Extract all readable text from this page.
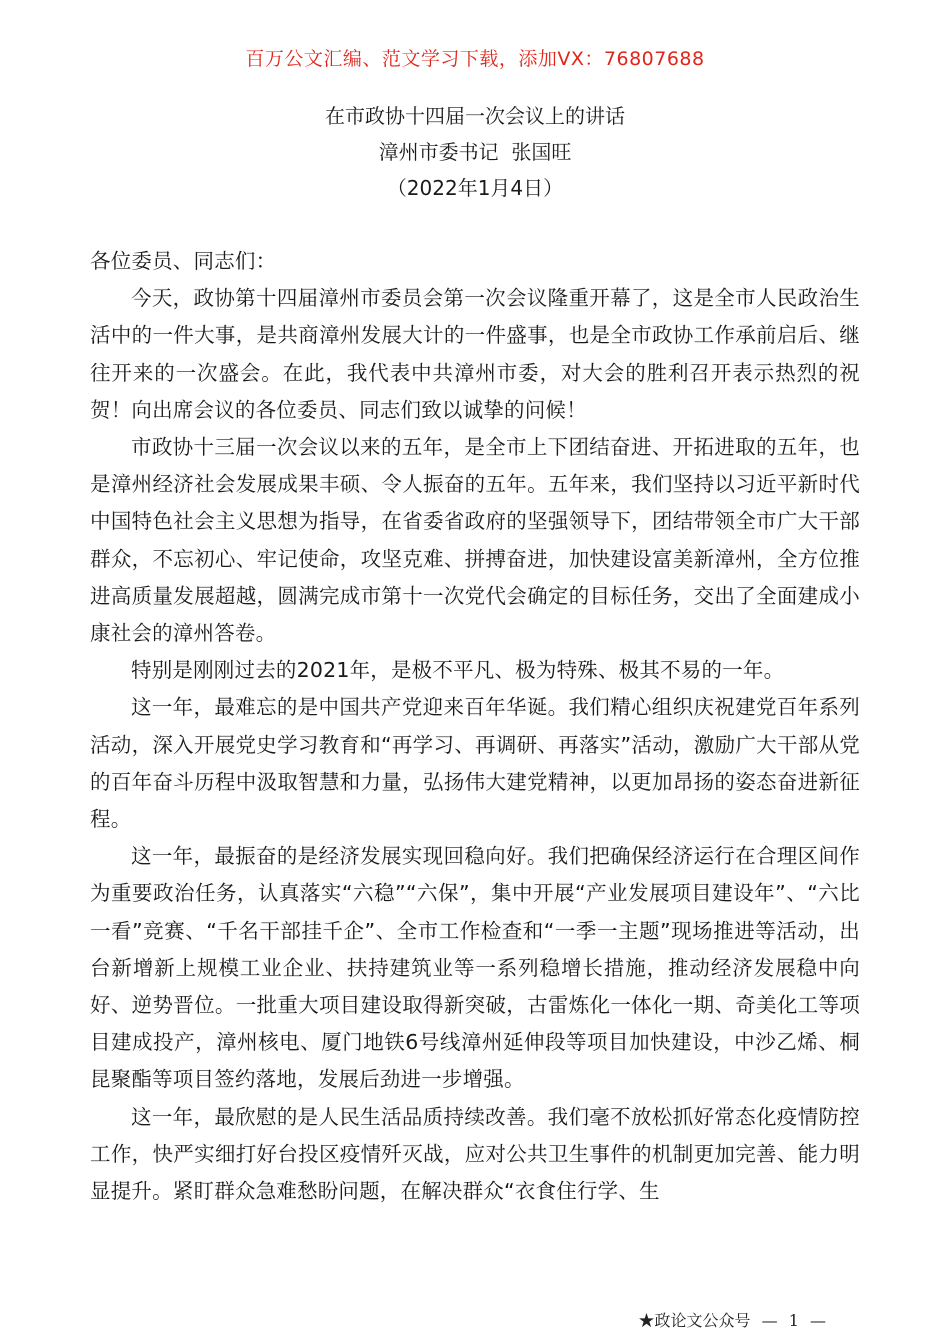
百万公文汇编、范文学习下载，添加VX：76807688
在市政协十四届一次会议上的讲话
漳州市委书记  张国旺
（2022年1月4日）

各位委员、同志们：

今天，政协第十四届漳州市委员会第一次会议隆重开幕了，这是全市人民政治生活中的一件大事，是共商漳州发展大计的一件盛事，也是全市政协工作承前启后、继往开来的一次盛会。在此，我代表中共漳州市委，对大会的胜利召开表示热烈的祝贺！向出席会议的各位委员、同志们致以诚挚的问候！

市政协十三届一次会议以来的五年，是全市上下团结奋进、开拓进取的五年，也是漳州经济社会发展成果丰硕、令人振奋的五年。五年来，我们坚持以习近平新时代中国特色社会主义思想为指导，在省委省政府的坚强领导下，团结带领全市广大干部群众，不忘初心、牢记使命，攻坚克难、拼搏奋进，加快建设富美新漳州，全方位推进高质量发展超越，圆满完成市第十一次党代会确定的目标任务，交出了全面建成小康社会的漳州答卷。

特别是刚刚过去的2021年，是极不平凡、极为特殊、极其不易的一年。

这一年，最难忘的是中国共产党迎来百年华诞。我们精心组织庆祝建党百年系列活动，深入开展党史学习教育和“再学习、再调研、再落实”活动，激励广大干部从党的百年奋斗历程中汲取智慧和力量，弘扬伟大建党精神，以更加昂扬的姿态奋进新征程。

这一年，最振奋的是经济发展实现回稳向好。我们把确保经济运行在合理区间作为重要政治任务，认真落实“六稳”“六保”，集中开展“产业发展项目建设年”、“六比一看”竞赛、“千名干部挂千企”、全市工作检查和“一季一主题”现场推进等活动，出台新增新上规模工业企业、扶持建筑业等一系列稳增长措施，推动经济发展稳中向好、逆势晋位。一批重大项目建设取得新突破，古雷炼化一体化一期、奇美化工等项目建成投产，漳州核电、厦门地铁6号线漳州延伸段等项目加快建设，中沙乙烯、桐昆聚酯等项目签约落地，发展后劲进一步增强。

这一年，最欣慰的是人民生活品质持续改善。我们毫不放松抓好常态化疫情防控工作，快严实细打好台投区疫情歼灭战，应对公共卫生事件的机制更加完善、能力明显提升。紧盯群众急难愁盼问题，在解决群众“衣食住行学、生

★政论文公众号 — 1 —
